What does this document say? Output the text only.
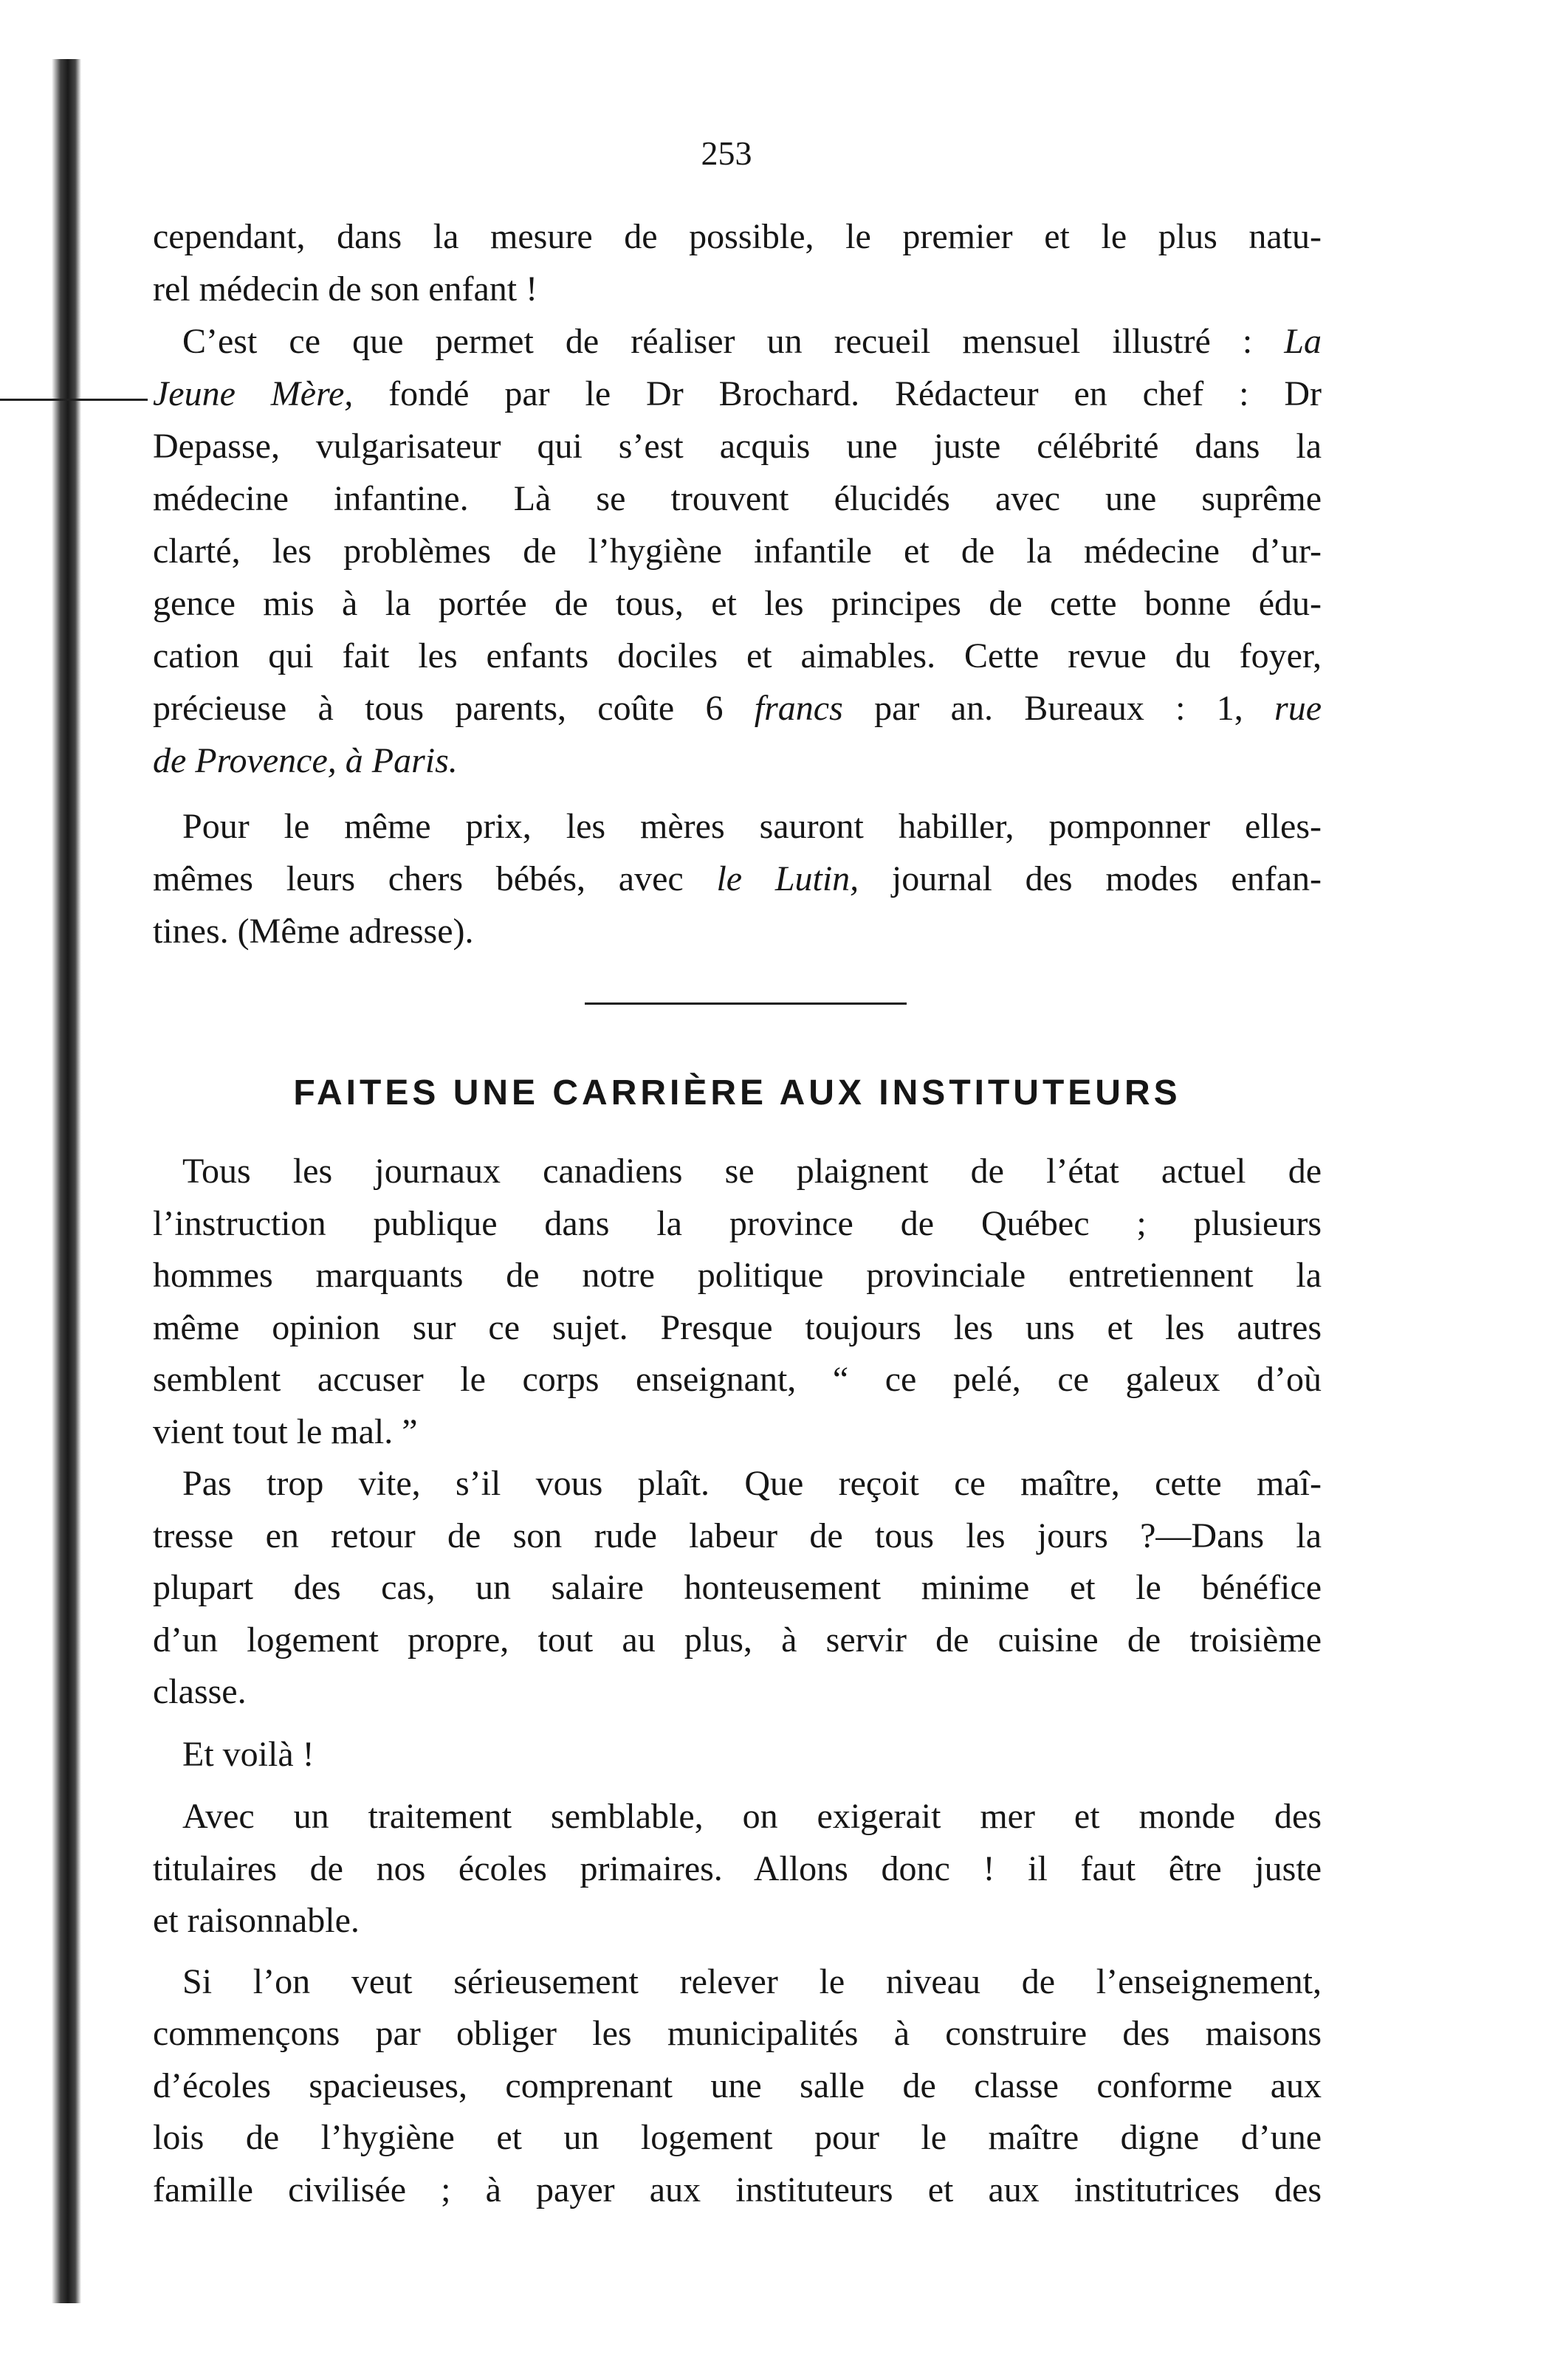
253
cependant, dans la mesure de possible, le premier et le plus natu-
rel médecin de son enfant !
C’est ce que permet de réaliser un recueil mensuel illustré : La
Jeune Mère, fondé par le Dr Brochard. Rédacteur en chef : Dr
Depasse, vulgarisateur qui s’est acquis une juste célébrité dans la
médecine infantine. Là se trouvent élucidés avec une suprême
clarté, les problèmes de l’hygiène infantile et de la médecine d’ur-
gence mis à la portée de tous, et les principes de cette bonne édu-
cation qui fait les enfants dociles et aimables. Cette revue du foyer,
précieuse à tous parents, coûte 6 francs par an. Bureaux : 1, rue
de Provence, à Paris.
Pour le même prix, les mères sauront habiller, pomponner elles-
mêmes leurs chers bébés, avec le Lutin, journal des modes enfan-
tines. (Même adresse).
FAITES UNE CARRIÈRE AUX INSTITUTEURS
Tous les journaux canadiens se plaignent de l’état actuel de
l’instruction publique dans la province de Québec ; plusieurs
hommes marquants de notre politique provinciale entretiennent la
même opinion sur ce sujet. Presque toujours les uns et les autres
semblent accuser le corps enseignant, “ ce pelé, ce galeux d’où
vient tout le mal. ”
Pas trop vite, s’il vous plaît. Que reçoit ce maître, cette maî-
tresse en retour de son rude labeur de tous les jours ?—Dans la
plupart des cas, un salaire honteusement minime et le bénéfice
d’un logement propre, tout au plus, à servir de cuisine de troisième
classe.
Et voilà !
Avec un traitement semblable, on exigerait mer et monde des
titulaires de nos écoles primaires. Allons donc ! il faut être juste
et raisonnable.
Si l’on veut sérieusement relever le niveau de l’enseignement,
commençons par obliger les municipalités à construire des maisons
d’écoles spacieuses, comprenant une salle de classe conforme aux
lois de l’hygiène et un logement pour le maître digne d’une
famille civilisée ; à payer aux instituteurs et aux institutrices des
